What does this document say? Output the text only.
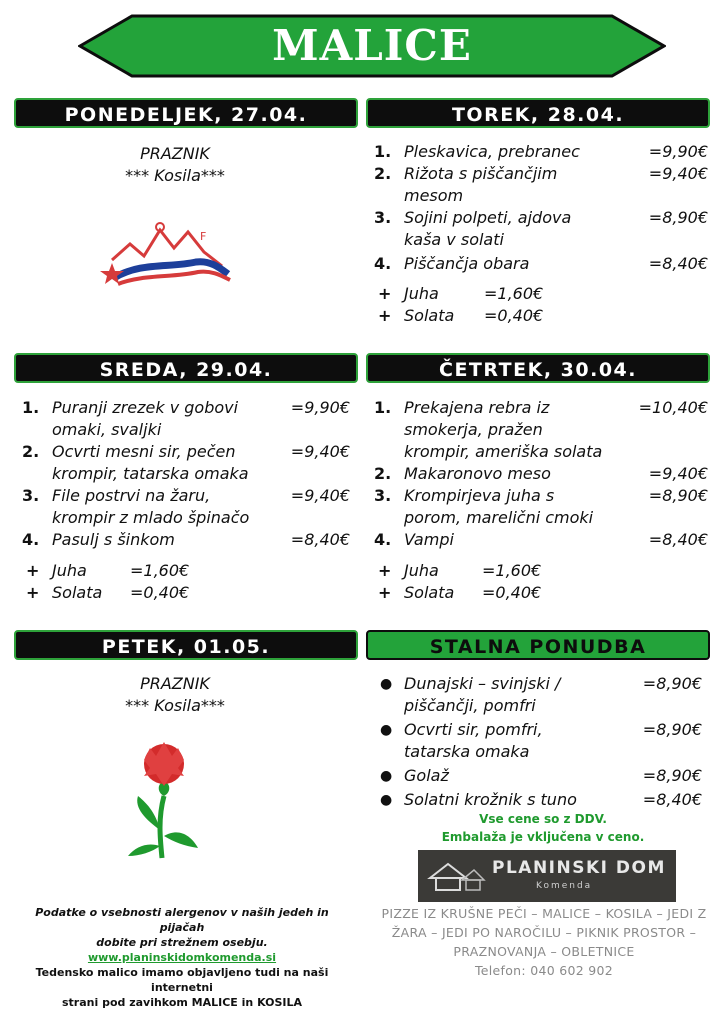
MALICE
PONEDELJEK, 27.04.	TOREK, 28.04.
SREDA, 29.04.	ČETRTEK, 30.04.
PETEK, 01.05.	STALNA PONUDBA
PRAZNIK
*** Kosila***
F
1. Pleskavica, prebranec	=9,90€
2. Rižota s piščančjim
mesom
=9,40€
3. Sojini polpeti, ajdova
kaša v solati
=8,90€
4. Piščančja obara	=8,40€
+ Juha	=1,60€
+ Solata =0,40€
1. Puranji zrezek v gobovi
omaki, svaljki
=9,90€
2. Ocvrti mesni sir, pečen
krompir, tatarska omaka
=9,40€
3. File postrvi na žaru,
krompir z mlado špinačo
=9,40€
4. Pasulj s šinkom	=8,40€
+ Juha	=1,60€
+ Solata =0,40€
1. Prekajena rebra iz
smokerja, pražen
krompir, ameriška solata
=10,40€
2. Makaronovo meso	=9,40€
3. Krompirjeva juha s
porom, marelični cmoki
=8,90€
4. Vampi	=8,40€
+ Juha	=1,60€
+ Solata =0,40€
PRAZNIK
*** Kosila***
● Dunajski – svinjski /
piščančji, pomfri
=8,90€
● Ocvrti sir, pomfri,
tatarska omaka
=8,90€
● Golaž	=8,90€
● Solatni krožnik s tuno	=8,40€
Vse cene so z DDV.
Embalaža je vključena v ceno.
PLANINSKI DOM
Komenda
Podatke o vsebnosti alergenov v naših jedeh in pijačah
dobite pri strežnem osebju. www.planinskidomkomenda.si
Tedensko malico imamo objavljeno tudi na naši internetni
strani pod zavihkom MALICE in KOSILA
PIZZE IZ KRUŠNE PEČI – MALICE – KOSILA – JEDI Z
ŽARA – JEDI PO NAROČILU – PIKNIK PROSTOR –
PRAZNOVANJA – OBLETNICE
Telefon: 040 602 902
